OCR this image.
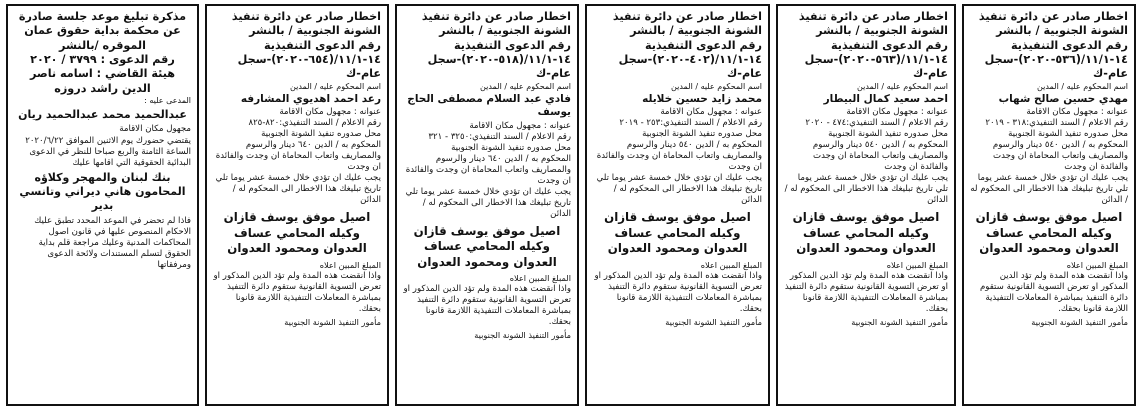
اخطار صادر عن دائرة تنفيذ الشونة الجنوبية / بالنشر

رقم الدعوى التنفيذية ١٤-١١/١/(٥٣٦-٢٠٢٠)-سجل عام-ك

اسم المحكوم عليه / المدين

مهدي حسين صالح شهاب

عنوانه : مجهول مكان الاقامة

رقم الاعلام / السند التنفيذي:٣١٨ - ٢٠١٩

محل صدوره تنفيذ الشونة الجنوبية

المحكوم به / الدين ٥٤٠ دينار والرسوم والمصاريف واتعاب المحاماة ان وجدت والفائدة ان وجدت

يجب عليك ان تؤدي خلال خمسة عشر يوما تلي تاريخ تبليغك هذا الاخطار الى المحكوم له / الدائن

اصيل موفق يوسف قازان وكيله المحامي عساف العدوان ومحمود العدوان

المبلغ المبين اعلاه

واذا انقضت هذه المدة ولم تؤد الدين المذكور او تعرض التسوية القانونية ستقوم دائرة التنفيذ بمباشرة المعاملات التنفيذية اللازمة قانونا بحقك.

مأمور التنفيذ الشونة الجنوبية

اخطار صادر عن دائرة تنفيذ الشونة الجنوبية / بالنشر

رقم الدعوى التنفيذية ١٤-١١/١/(٥٦٣-٢٠٢٠)-سجل عام-ك

اسم المحكوم عليه / المدين

احمد سعيد كمال البيطار

عنوانه : مجهول مكان الاقامة

رقم الاعلام / السند التنفيذي:٤٧٤ - ٢٠٢٠

محل صدوره تنفيذ الشونة الجنوبية

المحكوم به / الدين ٥٤٠ دينار والرسوم والمصاريف واتعاب المحاماة ان وجدت والفائدة ان وجدت

يجب عليك ان تؤدي خلال خمسة عشر يوما تلي تاريخ تبليغك هذا الاخطار الى المحكوم له / الدائن

اصيل موفق يوسف قازان وكيله المحامي عساف العدوان ومحمود العدوان

المبلغ المبين اعلاه

واذا انقضت هذه المدة ولم تؤد الدين المذكور او تعرض التسوية القانونية ستقوم دائرة التنفيذ بمباشرة المعاملات التنفيذية اللازمة قانونا بحقك.

مأمور التنفيذ الشونة الجنوبية

اخطار صادر عن دائرة تنفيذ الشونة الجنوبية / بالنشر

رقم الدعوى التنفيذية ١٤-١١/١/(٤٠٢-٢٠٢٠)-سجل عام-ك

اسم المحكوم عليه / المدين

محمد زايد حسين خلايله

عنوانه : مجهول مكان الاقامة

رقم الاعلام / السند التنفيذي:٢٥٣ - ٢٠١٩

محل صدوره تنفيذ الشونة الجنوبية

المحكوم به / الدين ٥٤٠ دينار والرسوم والمصاريف واتعاب المحاماة ان وجدت والفائدة ان وجدت

يجب عليك ان تؤدي خلال خمسة عشر يوما تلي تاريخ تبليغك هذا الاخطار الى المحكوم له / الدائن

اصيل موفق يوسف قازان وكيله المحامي عساف العدوان ومحمود العدوان

المبلغ المبين اعلاه

واذا انقضت هذه المدة ولم تؤد الدين المذكور او تعرض التسوية القانونية ستقوم دائرة التنفيذ بمباشرة المعاملات التنفيذية اللازمة قانونا بحقك.

مأمور التنفيذ الشونة الجنوبية

اخطار صادر عن دائرة تنفيذ الشونة الجنوبية / بالنشر

رقم الدعوى التنفيذية ١٤-١١/١/(٥١٨-٢٠٢٠)-سجل عام-ك

اسم المحكوم عليه / المدين

فادي عبد السلام مصطفى الحاج يوسف

عنوانه : مجهول مكان الاقامة

رقم الاعلام / السند التنفيذي:٣٢٥٠ - ٣٢١

محل صدوره تنفيذ الشونة الجنوبية

المحكوم به / الدين ٦٤٠ دينار والرسوم والمصاريف واتعاب المحاماة ان وجدت والفائدة ان وجدت

يجب عليك ان تؤدي خلال خمسة عشر يوما تلي تاريخ تبليغك هذا الاخطار الى المحكوم له / الدائن

اصيل موفق يوسف قازان وكيله المحامي عساف العدوان ومحمود العدوان

المبلغ المبين اعلاه

واذا انقضت هذه المدة ولم تؤد الدين المذكور او تعرض التسوية القانونية ستقوم دائرة التنفيذ بمباشرة المعاملات التنفيذية اللازمة قانونا بحقك.

مأمور التنفيذ الشونة الجنوبية

اخطار صادر عن دائرة تنفيذ الشونة الجنوبية / بالنشر

رقم الدعوى التنفيذية ١٤-١١/١/(٦٥٤-٢٠٢٠)-سجل عام-ك

اسم المحكوم عليه / المدين

رعد احمد اهديوي المشارفه

عنوانه : مجهول مكان الاقامة

رقم الاعلام / السند التنفيذي:٨٢٠-٨٢٥

محل صدوره تنفيذ الشونة الجنوبية

المحكوم به / الدين ٦٤٠ دينار والرسوم والمصاريف واتعاب المحاماة ان وجدت والفائدة ان وجدت

يجب عليك ان تؤدي خلال خمسة عشر يوما تلي تاريخ تبليغك هذا الاخطار الى المحكوم له / الدائن

اصيل موفق يوسف قازان وكيله المحامي عساف العدوان ومحمود العدوان

المبلغ المبين اعلاه

واذا انقضت هذه المدة ولم تؤد الدين المذكور او تعرض التسوية القانونية ستقوم دائرة التنفيذ بمباشرة المعاملات التنفيذية اللازمة قانونا بحقك.

مأمور التنفيذ الشونة الجنوبية

مذكرة تبليغ موعد جلسة صادرة عن محكمة بداية حقوق عمان الموقره /بالنشر

رقم الدعوى : ٣٧٩٩ / ٢٠٢٠

هيئة القاضي : اسامه ناصر الدين راشد دروزه

المدعى عليه :

عبدالحميد محمد عبدالحميد ريان

مجهول مكان الاقامة

يقتضي حضورك يوم الاثنين الموافق ٢٠٢٠/٦/٢٢ الساعة الثامنة والربع صباحا للنظر في الدعوى البدائية الحقوقية التي اقامها عليك

بنك لبنان والمهجر وكلاؤه المحامون هاني ديراني وتانسي بدير

فاذا لم تحضر في الموعد المحدد تطبق عليك الاحكام المنصوص عليها في قانون اصول المحاكمات المدنية وعليك مراجعة قلم بداية الحقوق لتسلم المستندات ولائحة الدعوى ومرفقاتها
